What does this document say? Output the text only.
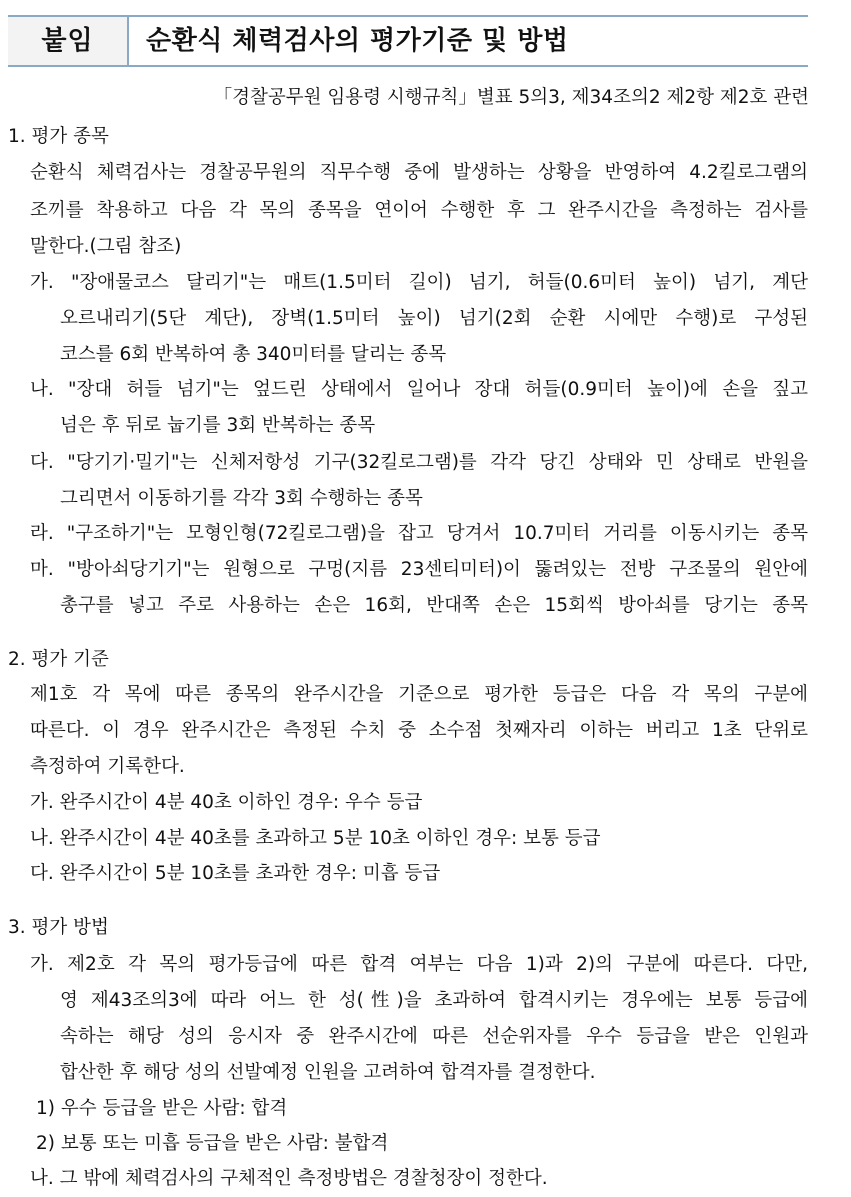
붙임	순환식 체력검사의 평가기준 및 방법
「경찰공무원 임용령 시행규칙」별표 5의3, 제34조의2 제2항 제2호 관련
1. 평가 종목
순환식 체력검사는 경찰공무원의 직무수행 중에 발생하는 상황을 반영하여 4.2킬로그램의
조끼를 착용하고 다음 각 목의 종목을 연이어 수행한 후 그 완주시간을 측정하는 검사를
말한다.(그림 참조)
가. "장애물코스 달리기"는 매트(1.5미터 길이) 넘기, 허들(0.6미터 높이) 넘기, 계단
오르내리기(5단 계단), 장벽(1.5미터 높이) 넘기(2회 순환 시에만 수행)로 구성된
코스를 6회 반복하여 총 340미터를 달리는 종목
나. "장대 허들 넘기"는 엎드린 상태에서 일어나 장대 허들(0.9미터 높이)에 손을 짚고
넘은 후 뒤로 눕기를 3회 반복하는 종목
다. "당기기·밀기"는 신체저항성 기구(32킬로그램)를 각각 당긴 상태와 민 상태로 반원을
그리면서 이동하기를 각각 3회 수행하는 종목
라. "구조하기"는 모형인형(72킬로그램)을 잡고 당겨서 10.7미터 거리를 이동시키는 종목
마. "방아쇠당기기"는 원형으로 구멍(지름 23센티미터)이 뚫려있는 전방 구조물의 원안에
총구를 넣고 주로 사용하는 손은 16회, 반대쪽 손은 15회씩 방아쇠를 당기는 종목
2. 평가 기준
제1호 각 목에 따른 종목의 완주시간을 기준으로 평가한 등급은 다음 각 목의 구분에
따른다. 이 경우 완주시간은 측정된 수치 중 소수점 첫째자리 이하는 버리고 1초 단위로
측정하여 기록한다.
가. 완주시간이 4분 40초 이하인 경우: 우수 등급
나. 완주시간이 4분 40초를 초과하고 5분 10초 이하인 경우: 보통 등급
다. 완주시간이 5분 10초를 초과한 경우: 미흡 등급
3. 평가 방법
가. 제2호 각 목의 평가등급에 따른 합격 여부는 다음 1)과 2)의 구분에 따른다. 다만,
영 제43조의3에 따라 어느 한 성(性)을 초과하여 합격시키는 경우에는 보통 등급에
속하는 해당 성의 응시자 중 완주시간에 따른 선순위자를 우수 등급을 받은 인원과
합산한 후 해당 성의 선발예정 인원을 고려하여 합격자를 결정한다.
1) 우수 등급을 받은 사람: 합격
2) 보통 또는 미흡 등급을 받은 사람: 불합격
나. 그 밖에 체력검사의 구체적인 측정방법은 경찰청장이 정한다.
